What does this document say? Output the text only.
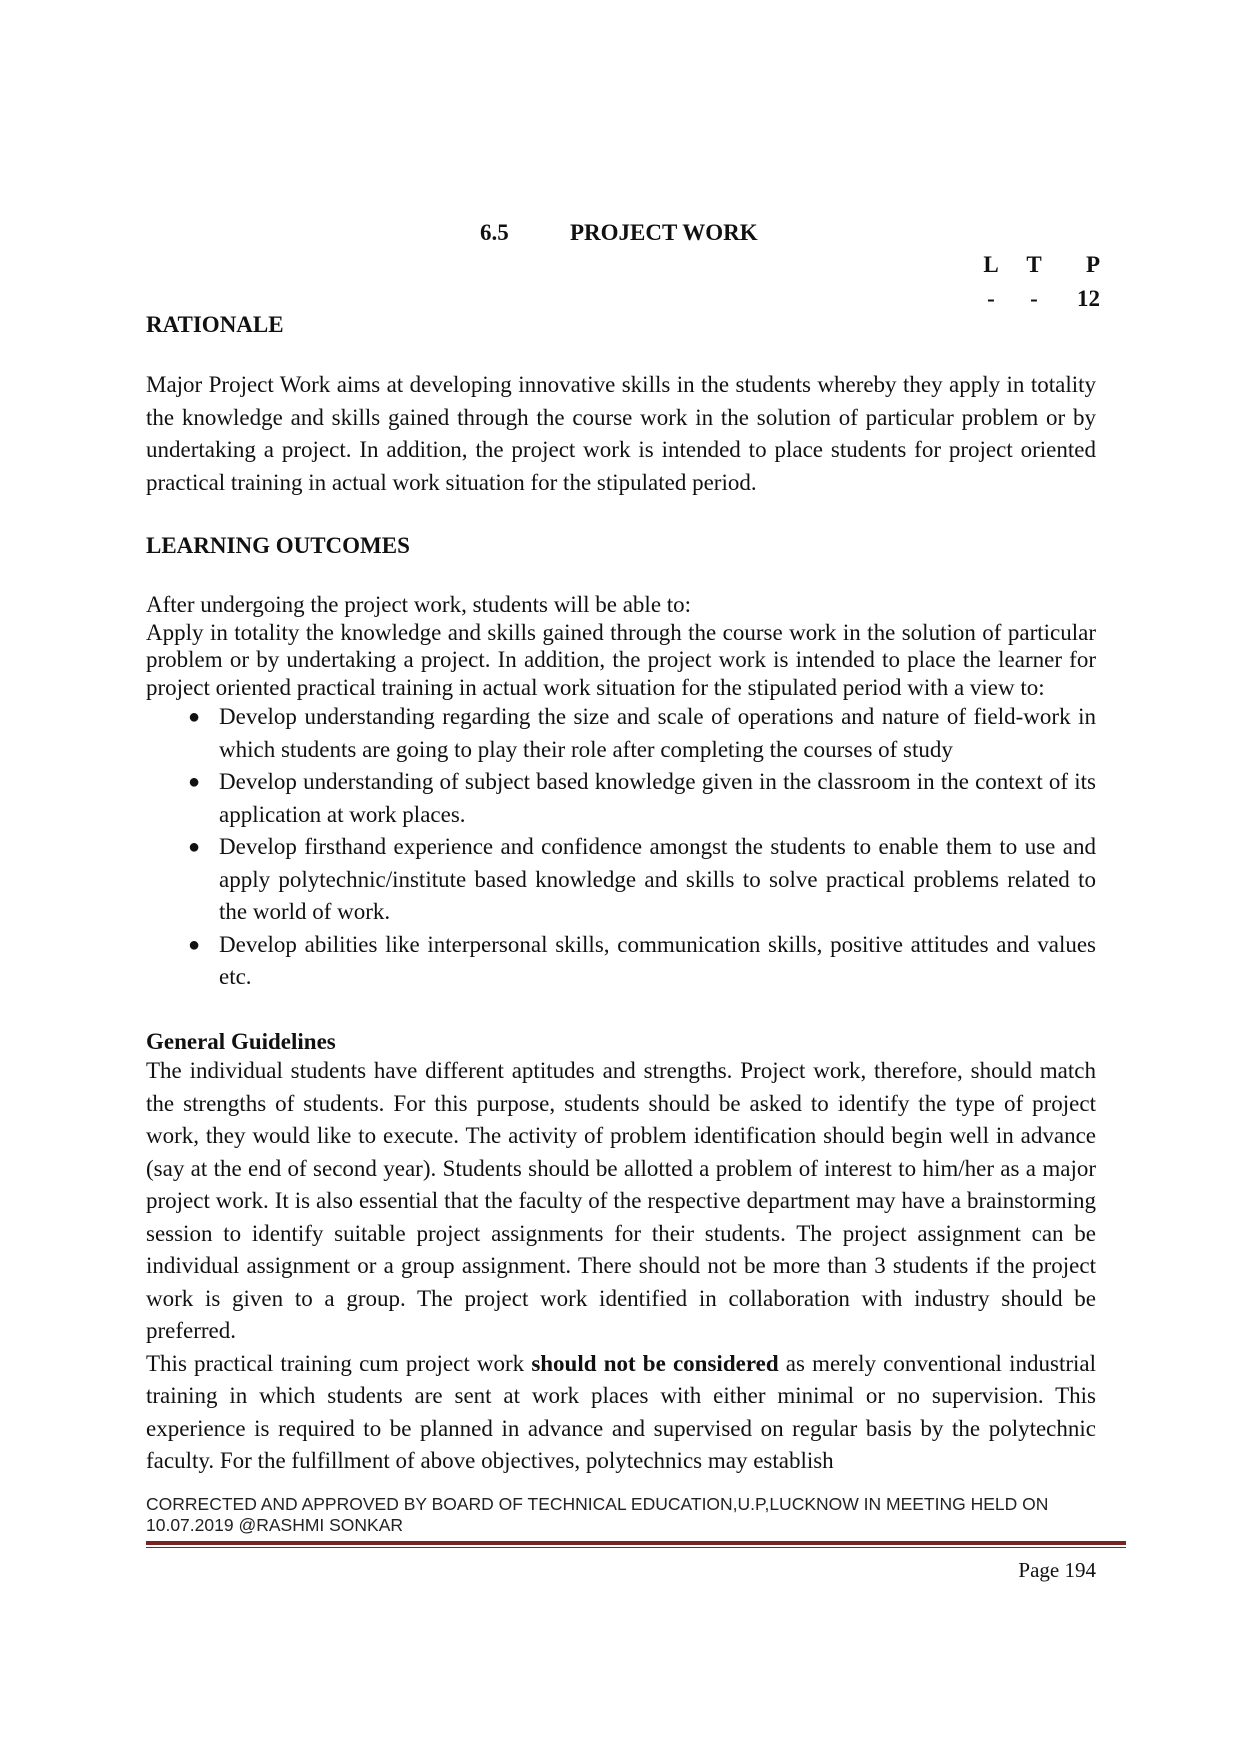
6.5	PROJECT WORK
L	T	P
-	-	12
RATIONALE
Major Project Work aims at developing innovative skills in the students whereby they apply in totality the knowledge and skills gained through the course work in the solution of particular problem or by undertaking a project. In addition, the project work is intended to place students for project oriented practical training in actual work situation for the stipulated period.
LEARNING OUTCOMES
After undergoing the project work, students will be able to:
Apply in totality the knowledge and skills gained through the course work in the solution of particular problem or by undertaking a project. In addition, the project work is intended to place the learner for project oriented practical training in actual work situation for the stipulated period with a view to:
● Develop understanding regarding the size and scale of operations and nature of field-work in which students are going to play their role after completing the courses of study
● Develop understanding of subject based knowledge given in the classroom in the context of its application at work places.
● Develop firsthand experience and confidence amongst the students to enable them to use and apply polytechnic/institute based knowledge and skills to solve practical problems related to the world of work.
● Develop abilities like interpersonal skills, communication skills, positive attitudes and values etc.
General Guidelines
The individual students have different aptitudes and strengths. Project work, therefore, should match the strengths of students. For this purpose, students should be asked to identify the type of project work, they would like to execute. The activity of problem identification should begin well in advance (say at the end of second year). Students should be allotted a problem of interest to him/her as a major project work. It is also essential that the faculty of the respective department may have a brainstorming session to identify suitable project assignments for their students. The project assignment can be individual assignment or a group assignment. There should not be more than 3 students if the project work is given to a group. The project work identified in collaboration with industry should be preferred.
This practical training cum project work should not be considered as merely conventional industrial training in which students are sent at work places with either minimal or no supervision. This experience is required to be planned in advance and supervised on regular basis by the polytechnic faculty. For the fulfillment of above objectives, polytechnics may establish
CORRECTED AND APPROVED BY BOARD OF TECHNICAL EDUCATION,U.P,LUCKNOW IN MEETING HELD ON
10.07.2019 @RASHMI SONKAR
Page 194
